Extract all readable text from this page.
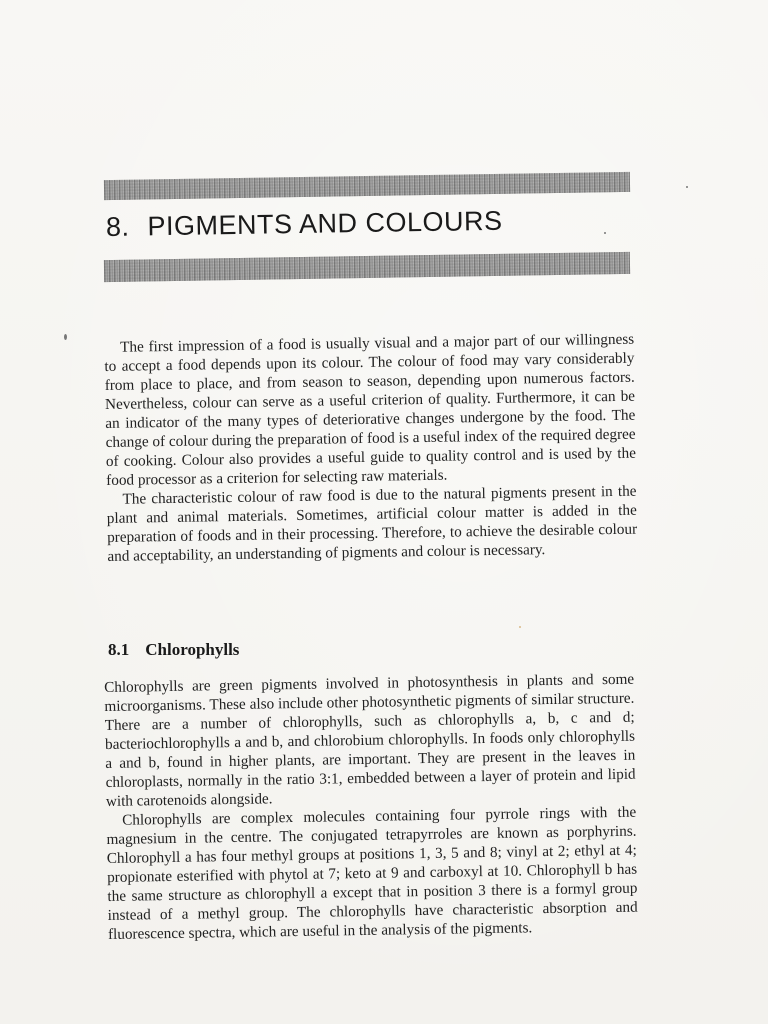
8. PIGMENTS AND COLOURS

The first impression of a food is usually visual and a major part of our willingness to accept a food depends upon its colour. The colour of food may vary considerably from place to place, and from season to season, depending upon numerous factors. Nevertheless, colour can serve as a useful criterion of quality. Furthermore, it can be an indicator of the many types of deteriorative changes undergone by the food. The change of colour during the preparation of food is a useful index of the required degree of cooking. Colour also provides a useful guide to quality control and is used by the food processor as a criterion for selecting raw materials.

The characteristic colour of raw food is due to the natural pigments present in the plant and animal materials. Sometimes, artificial colour matter is added in the preparation of foods and in their processing. Therefore, to achieve the desirable colour and acceptability, an understanding of pigments and colour is necessary.

8.1 Chlorophylls

Chlorophylls are green pigments involved in photosynthesis in plants and some microorganisms. These also include other photosynthetic pigments of similar structure. There are a number of chlorophylls, such as chlorophylls a, b, c and d; bacteriochlorophylls a and b, and chlorobium chlorophylls. In foods only chlorophylls a and b, found in higher plants, are important. They are present in the leaves in chloroplasts, normally in the ratio 3:1, embedded between a layer of protein and lipid with carotenoids alongside.

Chlorophylls are complex molecules containing four pyrrole rings with the magnesium in the centre. The conjugated tetrapyrroles are known as porphyrins. Chlorophyll a has four methyl groups at positions 1, 3, 5 and 8; vinyl at 2; ethyl at 4; propionate esterified with phytol at 7; keto at 9 and carboxyl at 10. Chlorophyll b has the same structure as chlorophyll a except that in position 3 there is a formyl group instead of a methyl group. The chlorophylls have characteristic absorption and fluorescence spectra, which are useful in the analysis of the pigments.
